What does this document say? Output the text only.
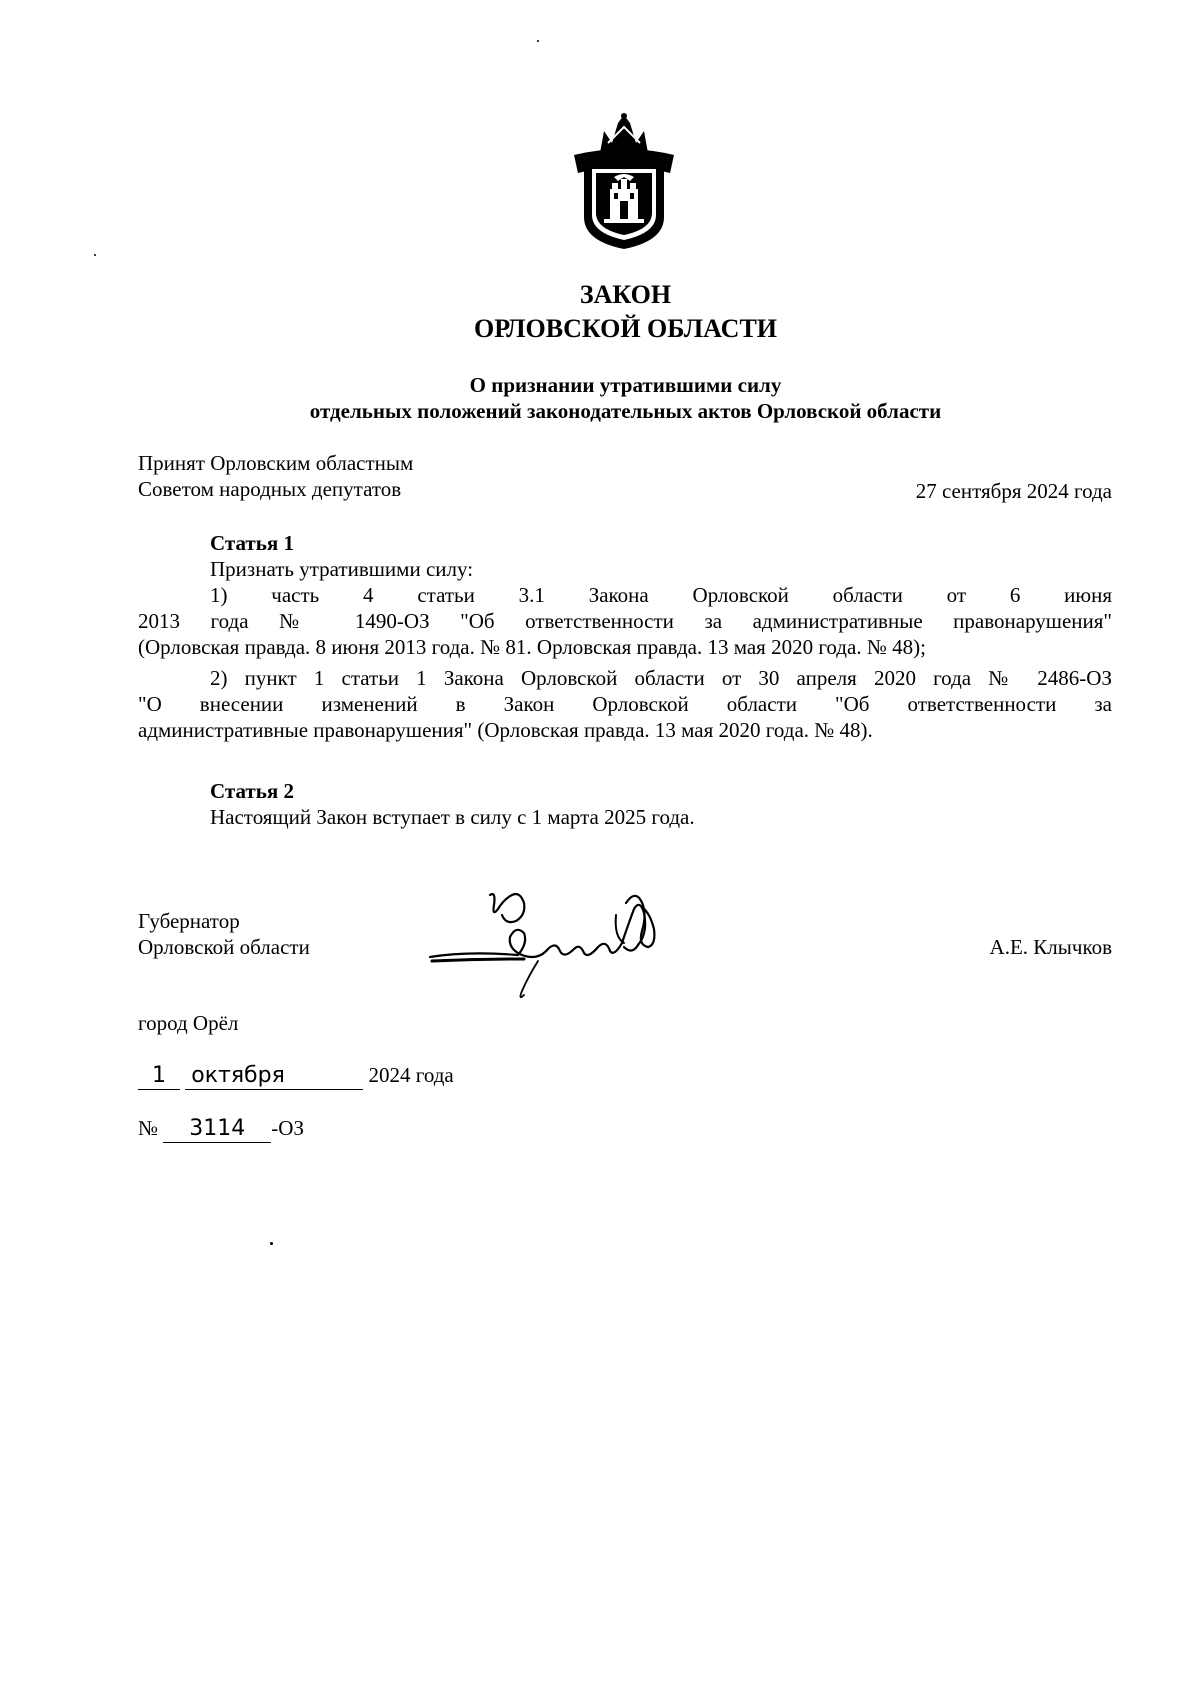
ЗАКОН
ОРЛОВСКОЙ ОБЛАСТИ
О признании утратившими силу
отдельных положений законодательных актов Орловской области
Принят Орловским областным
Советом народных депутатов	27 сентября 2024 года
Статья 1
Признать утратившими силу:
1) часть 4 статьи 3.1 Закона Орловской области от 6 июня
2013 года № 1490-ОЗ "Об ответственности за административные правонарушения"
(Орловская правда. 8 июня 2013 года. № 81. Орловская правда. 13 мая 2020 года. № 48);
2) пункт 1 статьи 1 Закона Орловской области от 30 апреля 2020 года № 2486-ОЗ
"О внесении изменений в Закон Орловской области "Об ответственности за
административные правонарушения" (Орловская правда. 13 мая 2020 года. № 48).
Статья 2
Настоящий Закон вступает в силу с 1 марта 2025 года.
Губернатор
Орловской области	А.Е. Клычков
город Орёл
1 октября	2024 года
№ 3114 -ОЗ
